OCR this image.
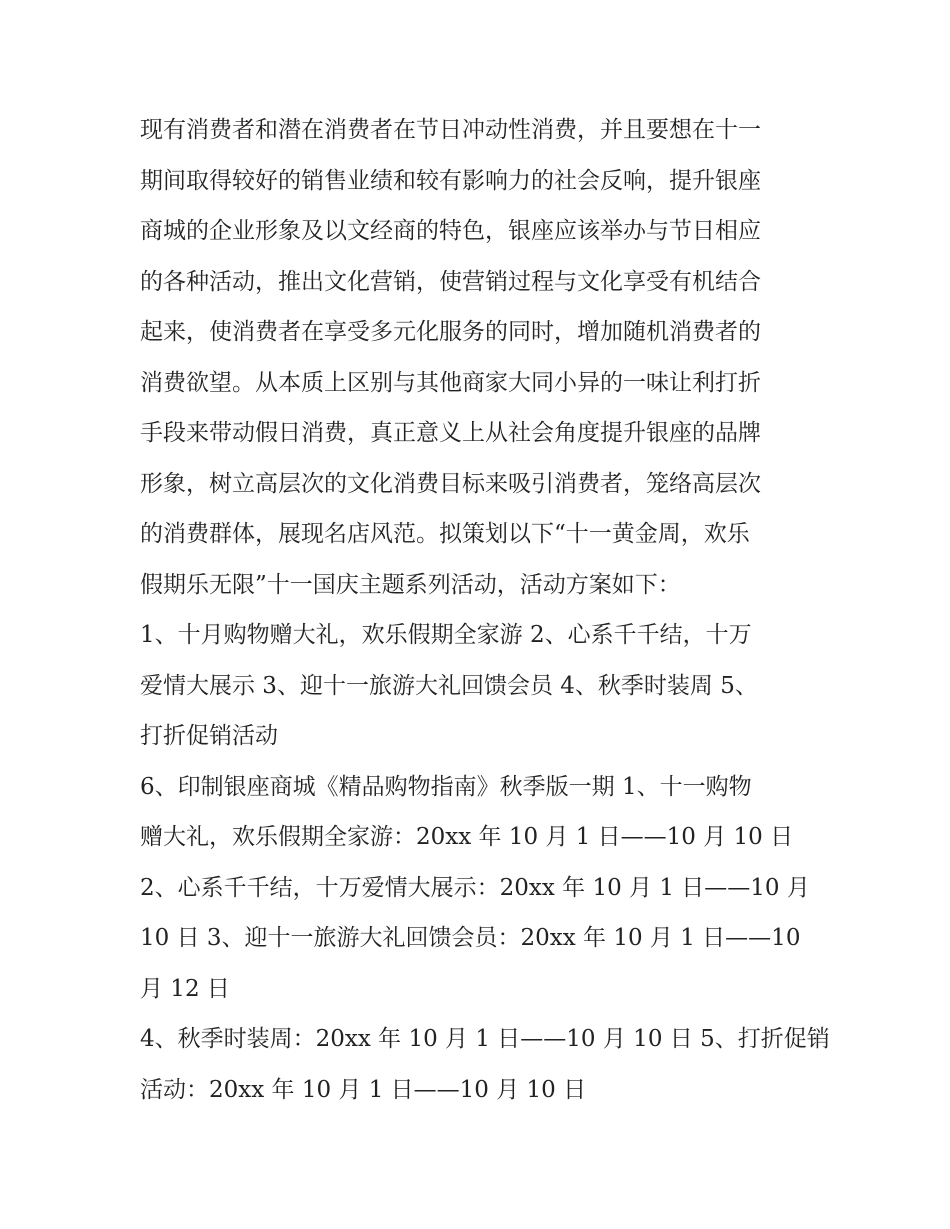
现有消费者和潜在消费者在节日冲动性消费，并且要想在十一
期间取得较好的销售业绩和较有影响力的社会反响，提升银座
商城的企业形象及以文经商的特色，银座应该举办与节日相应
的各种活动，推出文化营销，使营销过程与文化享受有机结合
起来，使消费者在享受多元化服务的同时，增加随机消费者的
消费欲望。从本质上区别与其他商家大同小异的一味让利打折
手段来带动假日消费，真正意义上从社会角度提升银座的品牌
形象，树立高层次的文化消费目标来吸引消费者，笼络高层次
的消费群体，展现名店风范。拟策划以下“十一黄金周，欢乐
假期乐无限”十一国庆主题系列活动，活动方案如下：
1、十月购物赠大礼，欢乐假期全家游 2、心系千千结，十万
爱情大展示 3、迎十一旅游大礼回馈会员 4、秋季时装周 5、
打折促销活动
6、印制银座商城《精品购物指南》秋季版一期 1、十一购物
赠大礼，欢乐假期全家游：20xx 年 10 月 1 日——10 月 10 日
2、心系千千结，十万爱情大展示：20xx 年 10 月 1 日——10 月
10 日 3、迎十一旅游大礼回馈会员：20xx 年 10 月 1 日——10
月 12 日
4、秋季时装周：20xx 年 10 月 1 日——10 月 10 日 5、打折促销
活动：20xx 年 10 月 1 日——10 月 10 日
